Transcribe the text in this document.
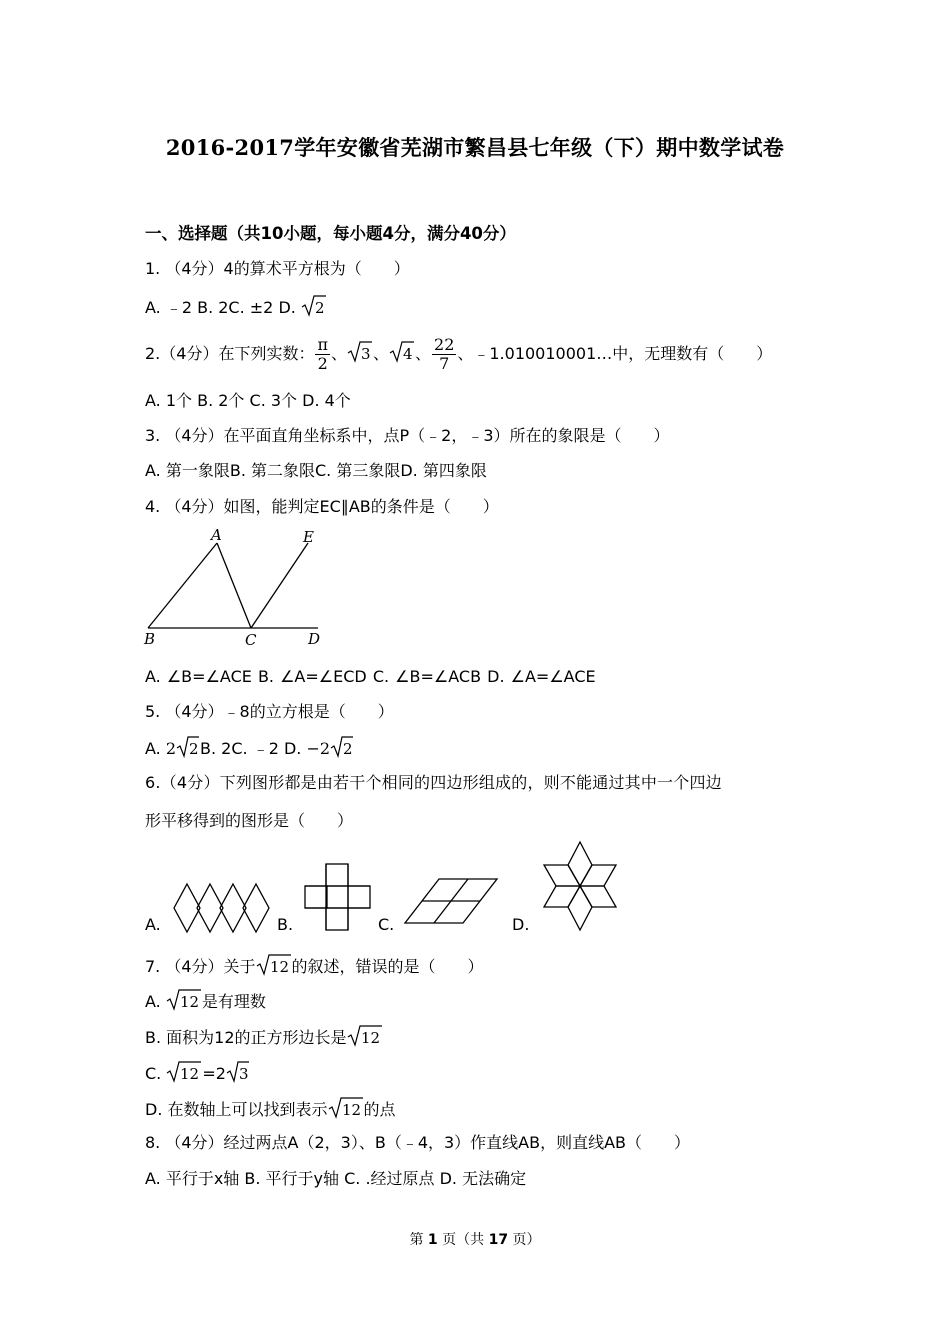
2016-2017学年安徽省芜湖市繁昌县七年级（下）期中数学试卷
一、选择题（共10小题，每小题4分，满分40分）
1. （4分）4的算术平方根为（　　）
A. ﹣2 B. 2C. ±2 D. 2
2.（4分）在下列实数： $\frac{\pi}{2}$ 、 3 、 4 、 $\frac{22}{7}$ 、﹣1.010010001…中，无理数有（　　）
A. 1个 B. 2个 C. 3个 D. 4个
3. （4分）在平面直角坐标系中，点P（﹣2，﹣3）所在的象限是（　　）
A. 第一象限B. 第二象限C. 第三象限D. 第四象限
4. （4分）如图，能判定EC∥AB的条件是（　　）
A	E
B	C	D
A. ∠B=∠ACE B. ∠A=∠ECD C. ∠B=∠ACB D. ∠A=∠ACE
5. （4分）﹣8的立方根是（　　）
A. 2 2 B. 2C. ﹣2 D. −2 2
6.（4分）下列图形都是由若干个相同的四边形组成的，则不能通过其中一个四边
形平移得到的图形是（　　）
A.	B.	C.	D.
7. （4分）关于 12 的叙述，错误的是（　　）
A. 12 是有理数
B. 面积为12的正方形边长是 12
C. 12 =2 3
D. 在数轴上可以找到表示 12 的点
8. （4分）经过两点A（2，3）、B（﹣4，3）作直线AB，则直线AB（　　）
A. 平行于x轴 B. 平行于y轴 C. .经过原点 D. 无法确定
第 1 页（共 17 页）
